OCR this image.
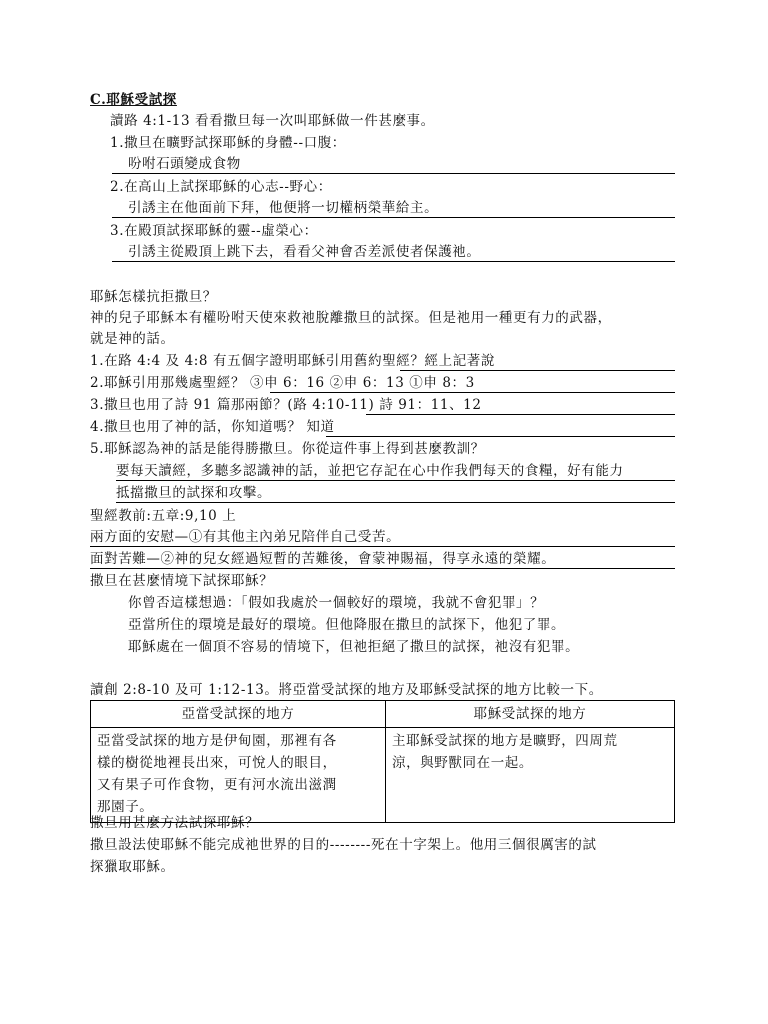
C.耶穌受試探
讀路 4:1-13 看看撒旦每一次叫耶穌做一件甚麼事。
1.撒旦在曠野試探耶穌的身體--口腹：
吩咐石頭變成食物
2.在高山上試探耶穌的心志--野心：
引誘主在他面前下拜，他便將一切權柄榮華給主。
3.在殿頂試探耶穌的靈--虛榮心：
引誘主從殿頂上跳下去，看看父神會否差派使者保護祂。
耶穌怎樣抗拒撒旦？
神的兒子耶穌本有權吩咐天使來救祂脫離撒旦的試探。但是祂用一種更有力的武器，
就是神的話。
1.在路 4:4 及 4:8 有五個字證明耶穌引用舊約聖經？經上記著說
2.耶穌引用那幾處聖經？ ③申 6：16 ②申 6：13 ①申 8：3
3.撒旦也用了詩 91 篇那兩節？(路 4:10-11) 詩 91：11、12
4.撒旦也用了神的話，你知道嗎？ 知道
5.耶穌認為神的話是能得勝撒旦。你從這件事上得到甚麼教訓？
要每天讀經，多聽多認識神的話，並把它存記在心中作我們每天的食糧，好有能力
抵擋撒旦的試探和攻擊。
聖經教前:五章:9,10 上
兩方面的安慰—①有其他主內弟兄陪伴自己受苦。
面對苦難—②神的兒女經過短暫的苦難後，會蒙神賜福，得享永遠的榮耀。
撒旦在甚麼情境下試探耶穌？
你曾否這樣想過：「假如我處於一個較好的環境，我就不會犯罪」？
亞當所住的環境是最好的環境。但他降服在撒旦的試探下，他犯了罪。
耶穌處在一個頂不容易的情境下，但祂拒絕了撒旦的試探，祂沒有犯罪。
讀創 2:8-10 及可 1:12-13。將亞當受試探的地方及耶穌受試探的地方比較一下。
亞當受試探的地方	耶穌受試探的地方
亞當受試探的地方是伊甸園，那裡有各
樣的樹從地裡長出來，可悅人的眼目，
又有果子可作食物，更有河水流出滋潤
那園子。	主耶穌受試探的地方是曠野，四周荒
涼，與野獸同在一起。
撒旦用甚麼方法試探耶穌？
撒旦設法使耶穌不能完成祂世界的目的--------死在十字架上。他用三個很厲害的試
探獵取耶穌。
